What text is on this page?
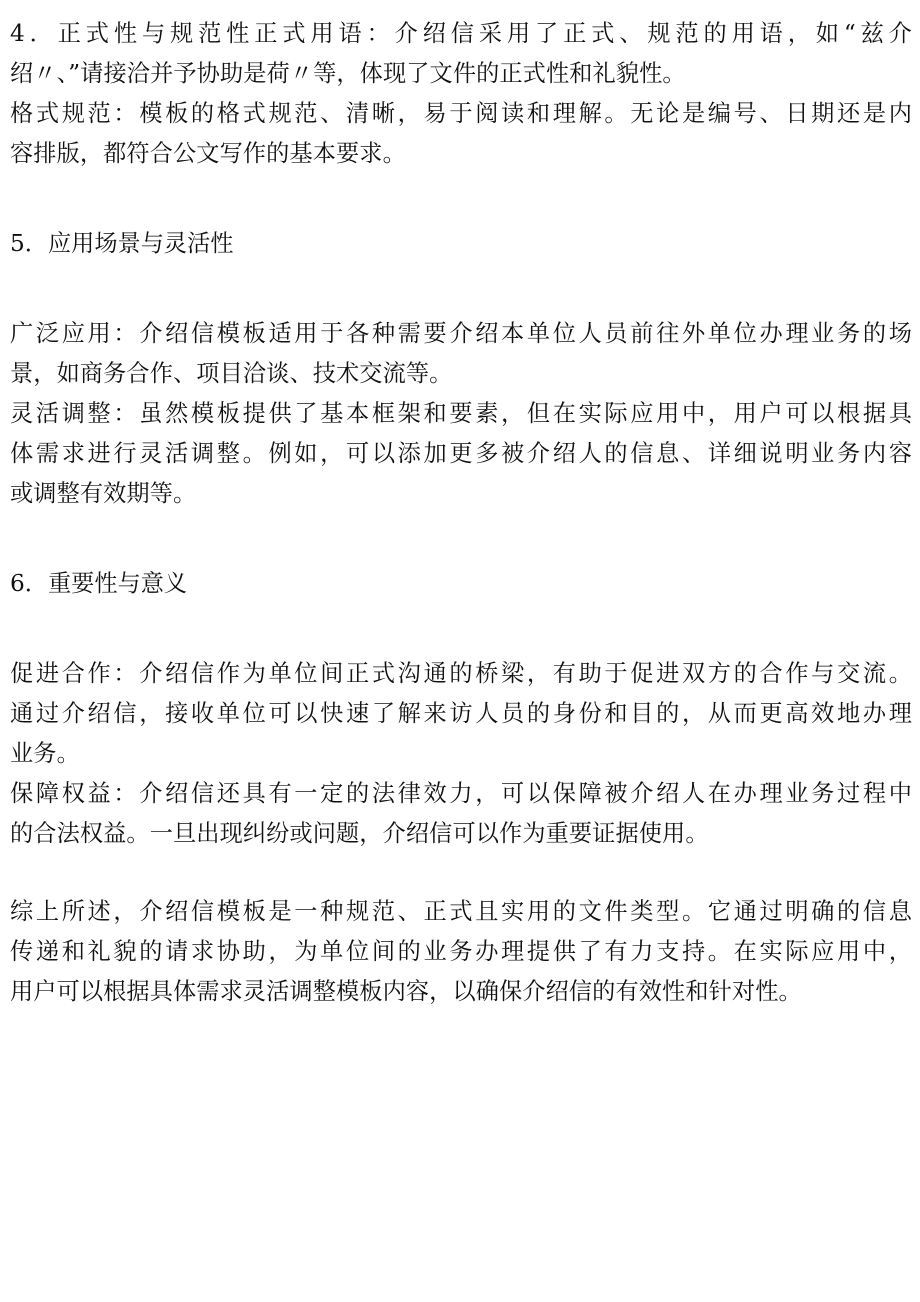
4．正式性与规范性正式用语：介绍信采用了正式、规范的用语，如“兹介
绍〃、”请接洽并予协助是荷〃等，体现了文件的正式性和礼貌性。
格式规范：模板的格式规范、清晰，易于阅读和理解。无论是编号、日期还是内
容排版，都符合公文写作的基本要求。
5．应用场景与灵活性
广泛应用：介绍信模板适用于各种需要介绍本单位人员前往外单位办理业务的场
景，如商务合作、项目洽谈、技术交流等。
灵活调整：虽然模板提供了基本框架和要素，但在实际应用中，用户可以根据具
体需求进行灵活调整。例如，可以添加更多被介绍人的信息、详细说明业务内容
或调整有效期等。
6．重要性与意义
促进合作：介绍信作为单位间正式沟通的桥梁，有助于促进双方的合作与交流。
通过介绍信，接收单位可以快速了解来访人员的身份和目的，从而更高效地办理
业务。
保障权益：介绍信还具有一定的法律效力，可以保障被介绍人在办理业务过程中
的合法权益。一旦出现纠纷或问题，介绍信可以作为重要证据使用。
综上所述，介绍信模板是一种规范、正式且实用的文件类型。它通过明确的信息
传递和礼貌的请求协助，为单位间的业务办理提供了有力支持。在实际应用中，
用户可以根据具体需求灵活调整模板内容，以确保介绍信的有效性和针对性。
